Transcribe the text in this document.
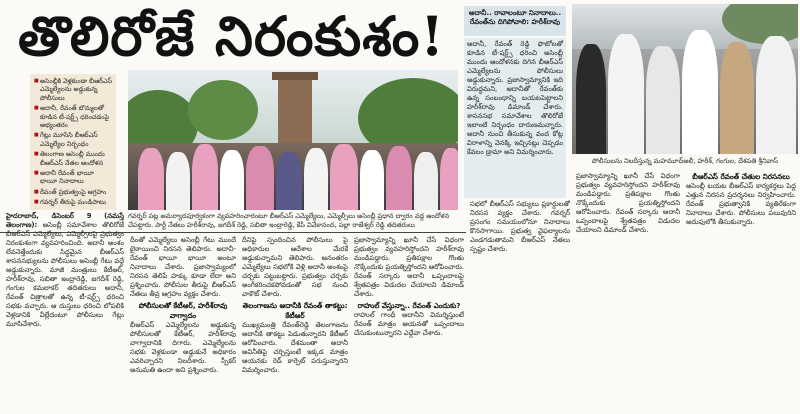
తొలిరోజే నిరంకుశం!
■ అసెంబ్లీకి వెళ్లకుండా బీఆర్ఎస్ ఎమ్మెల్యేలను అడ్డుకున్న పోలీసులు
■ అదానీ, రేవంత్ బొమ్మలతో కూడిన టీ-షర్ట్స్ ధరించడంపై అభ్యంతరం
■ గేట్లు మూసేసి బీఆర్ఎస్ ఎమ్మెల్యేల నిర్బంధం
■ తెలంగాణ అసెంబ్లీ ముందు బీఆర్ఎస్ నేతల ఆందోళన
■ అదానీ రేవంత్ భాయీ భాయీ నినాదాలు
■ రేవంత్ ప్రభుత్వంపై ఆగ్రహం
■ గవర్నర్ తీరుపై మండిపాటు
గవర్నర్‌ పట్ల అమర్యాదపూర్వకంగా వ్యవహరించారంటూ బీఆర్‌ఎస్‌ ఎమ్మెల్యేలు, ఎమ్మెల్సీలు అసెంబ్లీ ప్రధాన ద్వారం వద్ద ఆందోళన చేపట్టారు. పార్టీ నేతలు హరీశ్‌రావు, జగదీశ్‌ రెడ్డి, సబితా ఇంద్రారెడ్డి, కేపీ వివేకానంద, పల్లా రాజేశ్వర్‌ రెడ్డి తదితరులు
అదానీ.. రావాలంటూ నినాదాలు.. రేవంత్‌ను దిగిపోవాలి: హరీశ్‌రావు
అదానీ, రేవంత్‌ రెడ్డి ఫొటోలతో కూడిన టీ-షర్ట్స్‌ ధరించి అసెంబ్లీ ముందు ఆందోళనకు దిగిన బీఆర్‌ఎస్‌ ఎమ్మెల్యేలను పోలీసులు అడ్డుకున్నారు. ప్రజాస్వామ్యానికి ఇది విరుద్ధమని, అదానీతో రేవంత్‌కు ఉన్న సంబంధాన్ని బయటపెట్టాలని హరీశ్‌రావు డిమాండ్‌ చేశారు. శాసనసభ సమావేశాల తొలిరోజే ఇలాంటి నిర్బంధం దారుణమన్నారు. అదానీ నుంచి తీసుకున్న వంద కోట్ల విరాళాన్ని వెనక్కి ఇచ్చినట్లు చెప్పడం కేవలం డ్రామా అని విమర్శించారు.
పోలీసులను నిలదీస్తున్న మహమూద్‌అలీ, హరీశ్‌, గంగుల, దేశపతి శ్రీనివాస్

హైదరాబాద్‌, డిసెంబర్‌ 9 (నమస్తే తెలంగాణ): అసెంబ్లీ సమావేశాల తొలిరోజే బీఆర్‌ఎస్‌ ఎమ్మెల్యేలు, ఎమ్మెల్సీలపై ప్రభుత్వం నిరంకుశంగా వ్యవహరించింది. అదానీ అంశం లేవనెత్తేందుకు సిద్ధమైన బీఆర్‌ఎస్‌ శాసనసభ్యులను పోలీసులు అసెంబ్లీ గేటు వద్దే అడ్డుకున్నారు. మాజీ మంత్రులు కేటీఆర్‌, హరీశ్‌రావు, సబితా ఇంద్రారెడ్డి, జగదీశ్‌ రెడ్డి, గంగుల కమలాకర్‌ తదితరులు అదానీ, రేవంత్‌ చిత్రాలతో ఉన్న టీ-షర్ట్స్‌ ధరించి సభకు వచ్చారు. ఆ దుస్తులు ధరించి లోపలికి వెళ్లడానికి వీల్లేదంటూ పోలీసులు గేట్లు మూసివేశారు.

దీంతో ఎమ్మెల్యేలు అసెంబ్లీ గేటు ముందే బైఠాయించి నిరసన తెలిపారు. అదానీ-రేవంత్‌ భాయీ భాయీ అంటూ నినాదాలు చేశారు. ప్రజాస్వామ్యంలో నిరసన తెలిపే హక్కు కూడా లేదా అని ప్రశ్నించారు. పోలీసుల తీరుపై బీఆర్‌ఎస్‌ నేతలు తీవ్ర ఆగ్రహం వ్యక్తం చేశారు.

పోలీసులతో కేటీఆర్‌, హరీశ్‌రావు వాగ్వాదం

బీఆర్‌ఎస్‌ ఎమ్మెల్యేలను అడ్డుకున్న పోలీసులతో కేటీఆర్‌, హరీశ్‌రావు వాగ్వాదానికి దిగారు. ఎమ్మెల్యేలను సభకు వెళ్లకుండా అడ్డుకునే అధికారం ఎవరిచ్చారని నిలదీశారు. స్పీకర్‌ అనుమతి ఉందా అని ప్రశ్నించారు.

దీనిపై స్పందించిన పోలీసులు పై అధికారుల ఆదేశాల మేరకే అడ్డుకున్నామని తెలిపారు. అనంతరం ఎమ్మెల్యేలు సభలోకి వెళ్లి అదానీ అంశంపై చర్చకు పట్టుబట్టారు. ప్రభుత్వం చర్చకు అంగీకరించకపోవడంతో సభ నుంచి వాకౌట్‌ చేశారు.

తెలంగాణను అదానీకి రేవంత్‌ తాకట్టు: కేటీఆర్‌

ముఖ్యమంత్రి రేవంత్‌రెడ్డి తెలంగాణను అదానీకి తాకట్టు పెడుతున్నారని కేటీఆర్‌ ఆరోపించారు. దేశమంతా అదానీ అవినీతిపై చర్చిస్తుంటే ఇక్కడ మాత్రం ఆయనకు రెడ్‌ కార్పెట్‌ పరుస్తున్నారని విమర్శించారు.

ప్రజాస్వామ్యాన్ని ఖూనీ చేసే విధంగా ప్రభుత్వం వ్యవహరిస్తోందని హరీశ్‌రావు మండిపడ్డారు. ప్రతిపక్షాల గొంతు నొక్కేందుకు ప్రయత్నిస్తోందని ఆరోపించారు. రేవంత్‌ సర్కారు అదానీ ఒప్పందాలపై శ్వేతపత్రం విడుదల చేయాలని డిమాండ్‌ చేశారు.

రాహుల్‌ వేస్తున్నా.. రేవంత్‌ ఎందుకు?

రాహుల్‌ గాంధీ అదానీని విమర్శిస్తుంటే రేవంత్‌ మాత్రం ఆయనతో ఒప్పందాలు చేసుకుంటున్నారని ఎద్దేవా చేశారు.

సభలో బీఆర్‌ఎస్‌ సభ్యులు ప్లకార్డులతో నిరసన వ్యక్తం చేశారు. గవర్నర్‌ ప్రసంగం సమయంలోనూ నినాదాలు కొనసాగాయి. ప్రభుత్వ వైఫల్యాలను ఎండగడుతామని బీఆర్‌ఎస్‌ నేతలు స్పష్టం చేశారు.

ప్రజాస్వామ్యాన్ని ఖూనీ చేసే విధంగా ప్రభుత్వం వ్యవహరిస్తోందని హరీశ్‌రావు మండిపడ్డారు. ప్రతిపక్షాల గొంతు నొక్కేందుకు ప్రయత్నిస్తోందని ఆరోపించారు. రేవంత్‌ సర్కారు అదానీ ఒప్పందాలపై శ్వేతపత్రం విడుదల చేయాలని డిమాండ్‌ చేశారు.

బీఆర్‌ఎస్‌ రేవంత్‌ చేతుల నిరసనలు

అసెంబ్లీ బయట బీఆర్‌ఎస్‌ కార్యకర్తలు పెద్ద ఎత్తున నిరసన ప్రదర్శనలు నిర్వహించారు. రేవంత్‌ ప్రభుత్వానికి వ్యతిరేకంగా నినాదాలు చేశారు. పోలీసులు పలువురిని అదుపులోకి తీసుకున్నారు.
